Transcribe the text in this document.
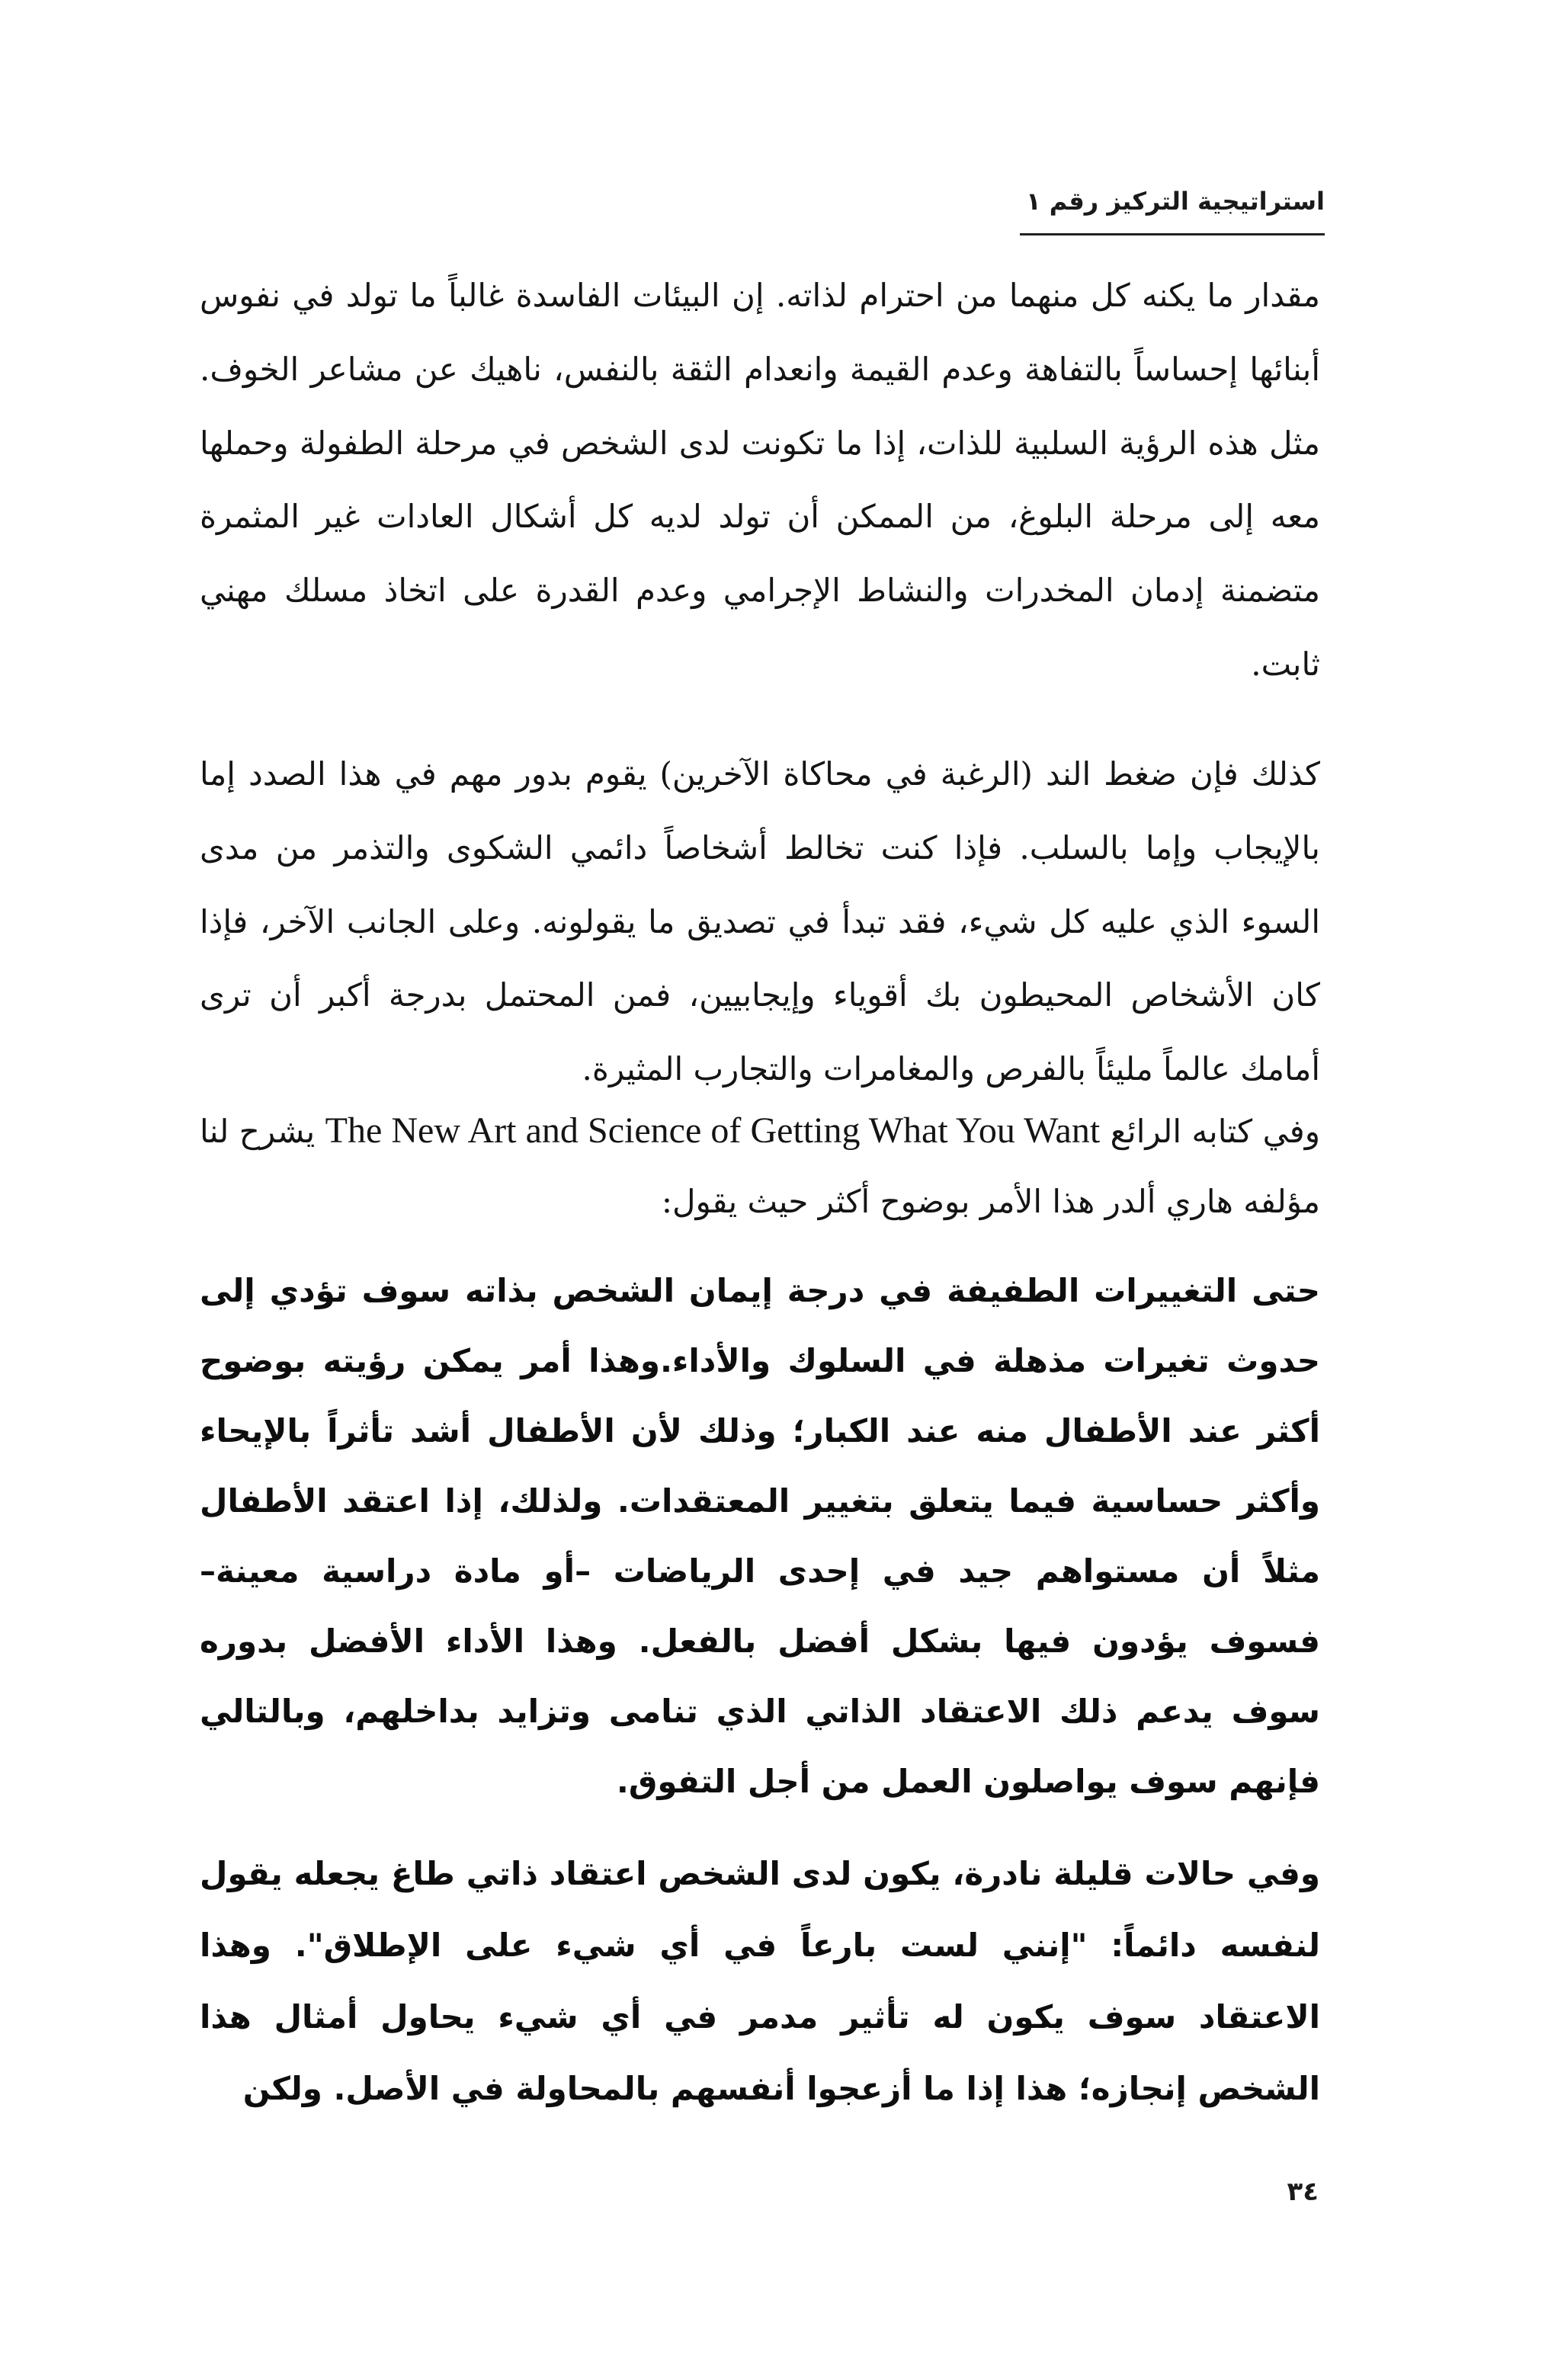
استراتيجية التركيز رقم ١

مقدار ما يكنه كل منهما من احترام لذاته. إن البيئات الفاسدة غالباً ما تولد في نفوس أبنائها إحساساً بالتفاهة وعدم القيمة وانعدام الثقة بالنفس، ناهيك عن مشاعر الخوف. مثل هذه الرؤية السلبية للذات، إذا ما تكونت لدى الشخص في مرحلة الطفولة وحملها معه إلى مرحلة البلوغ، من الممكن أن تولد لديه كل أشكال العادات غير المثمرة متضمنة إدمان المخدرات والنشاط الإجرامي وعدم القدرة على اتخاذ مسلك مهني ثابت.

كذلك فإن ضغط الند (الرغبة في محاكاة الآخرين) يقوم بدور مهم في هذا الصدد إما بالإيجاب وإما بالسلب. فإذا كنت تخالط أشخاصاً دائمي الشكوى والتذمر من مدى السوء الذي عليه كل شيء، فقد تبدأ في تصديق ما يقولونه. وعلى الجانب الآخر، فإذا كان الأشخاص المحيطون بك أقوياء وإيجابيين، فمن المحتمل بدرجة أكبر أن ترى أمامك عالماً مليئاً بالفرص والمغامرات والتجارب المثيرة.

وفي كتابه الرائع The New Art and Science of Getting What You Want يشرح لنا مؤلفه هاري ألدر هذا الأمر بوضوح أكثر حيث يقول:

حتى التغييرات الطفيفة في درجة إيمان الشخص بذاته سوف تؤدي إلى حدوث تغيرات مذهلة في السلوك والأداء.وهذا أمر يمكن رؤيته بوضوح أكثر عند الأطفال منه عند الكبار؛ وذلك لأن الأطفال أشد تأثراً بالإيحاء وأكثر حساسية فيما يتعلق بتغيير المعتقدات. ولذلك، إذا اعتقد الأطفال مثلاً أن مستواهم جيد في إحدى الرياضات –أو مادة دراسية معينة– فسوف يؤدون فيها بشكل أفضل بالفعل. وهذا الأداء الأفضل بدوره سوف يدعم ذلك الاعتقاد الذاتي الذي تنامى وتزايد بداخلهم، وبالتالي فإنهم سوف يواصلون العمل من أجل التفوق.

وفي حالات قليلة نادرة، يكون لدى الشخص اعتقاد ذاتي طاغ يجعله يقول لنفسه دائماً: "إنني لست بارعاً في أي شيء على الإطلاق". وهذا الاعتقاد سوف يكون له تأثير مدمر في أي شيء يحاول أمثال هذا الشخص إنجازه؛ هذا إذا ما أزعجوا أنفسهم بالمحاولة في الأصل. ولكن

٣٤
